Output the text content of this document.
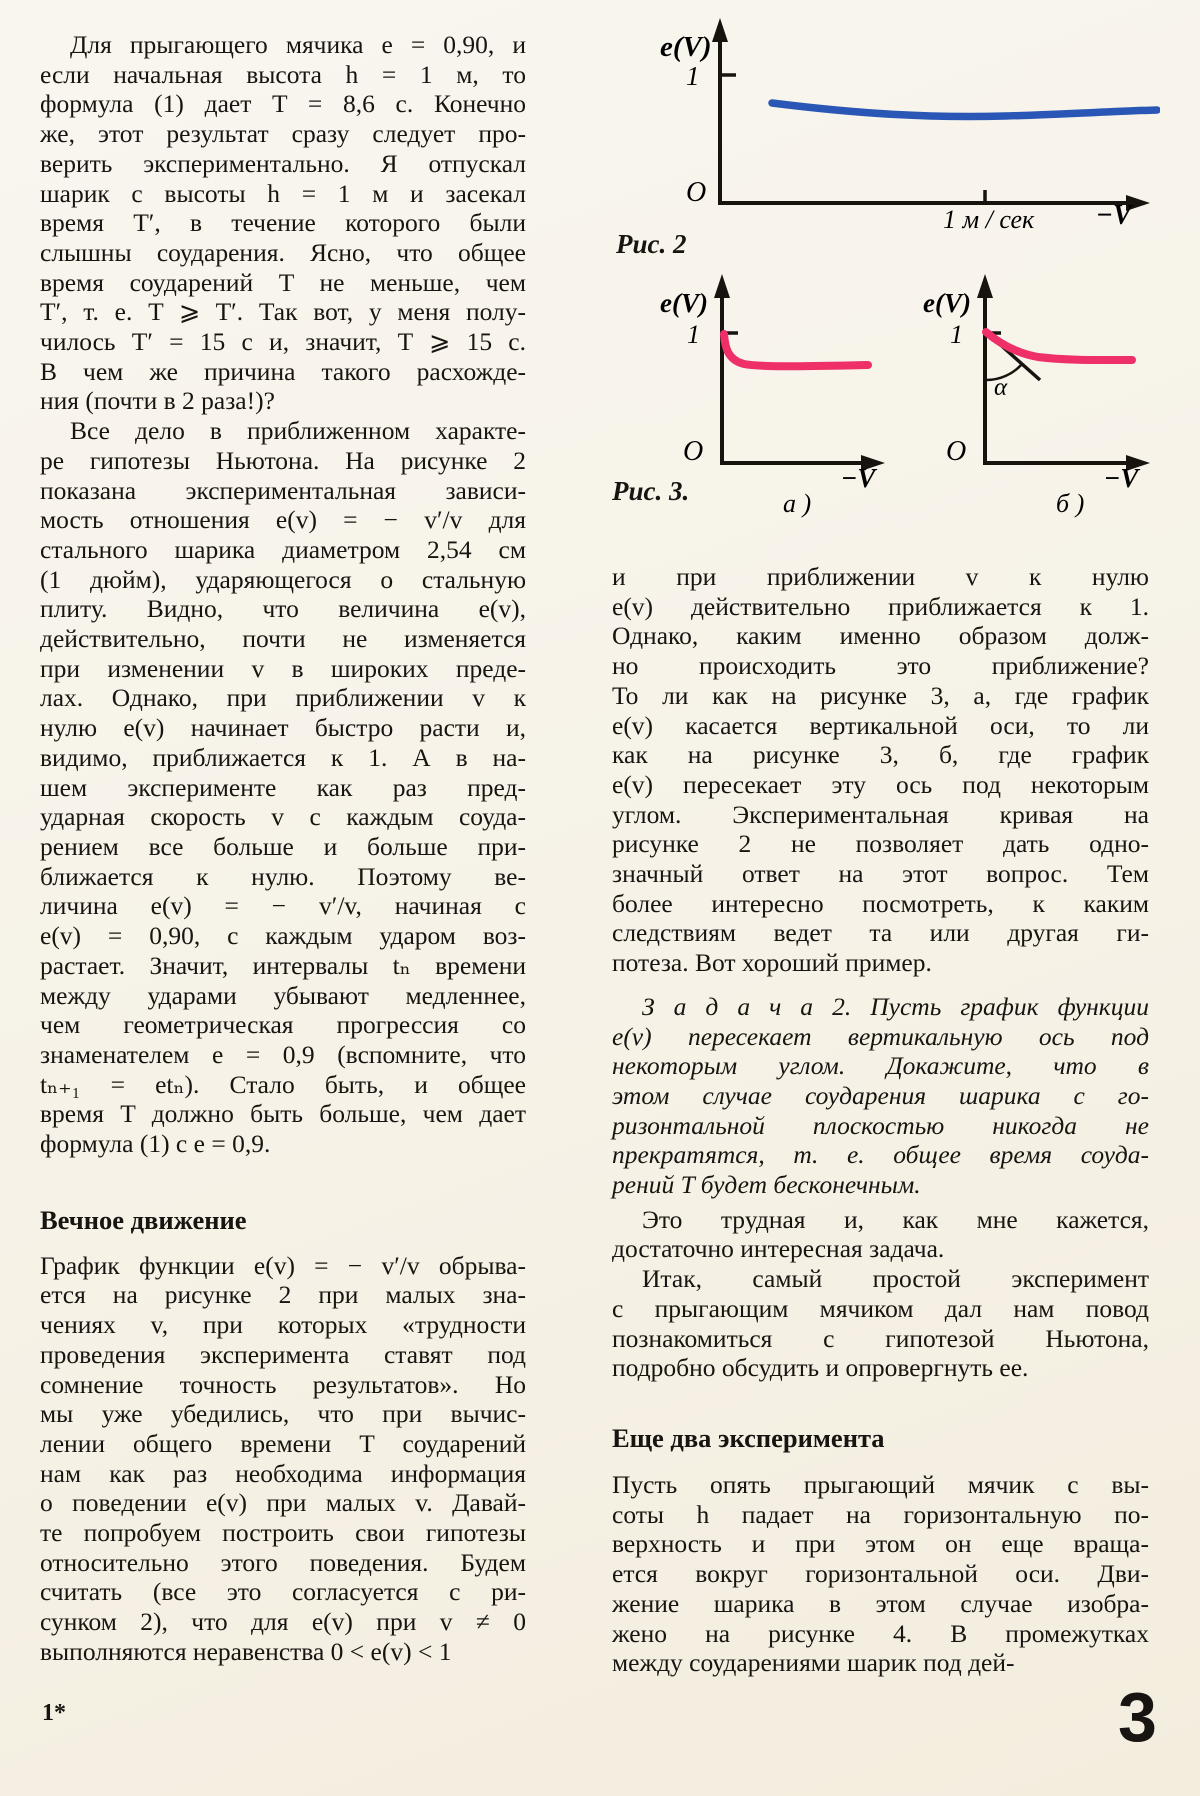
e(V)
1
O
1 м / сек −V
Рис. 2
e(V)
1
O
−V
а )
e(V)
1
O
α
−V
б )
Рис. 3.
Для прыгающего мячика e = 0,90, и
если начальная высота h = 1 м, то
формула (1) дает T = 8,6 с. Конечно
же, этот результат сразу следует про-
верить экспериментально. Я отпускал
шарик с высоты h = 1 м и засекал
время T′, в течение которого были
слышны соударения. Ясно, что общее
время соударений T не меньше, чем
T′, т. е. T ⩾ T′. Так вот, у меня полу-
чилось T′ = 15 с и, значит, T ⩾ 15 с.
В чем же причина такого расхожде-
ния (почти в 2 раза!)?
Все дело в приближенном характе-
ре гипотезы Ньютона. На рисунке 2
показана экспериментальная зависи-
мость отношения e(v) = − v′/v для
стального шарика диаметром 2,54 см
(1 дюйм), ударяющегося о стальную
плиту. Видно, что величина e(v),
действительно, почти не изменяется
при изменении v в широких преде-
лах. Однако, при приближении v к
нулю e(v) начинает быстро расти и,
видимо, приближается к 1. А в на-
шем эксперименте как раз пред-
ударная скорость v с каждым соуда-
рением все больше и больше при-
ближается к нулю. Поэтому ве-
личина e(v) = − v′/v, начиная с
e(v) = 0,90, с каждым ударом воз-
растает. Значит, интервалы tₙ времени
между ударами убывают медленнее,
чем геометрическая прогрессия со
знаменателем e = 0,9 (вспомните, что
tₙ₊₁ = etₙ). Стало быть, и общее
время T должно быть больше, чем дает
формула (1) с e = 0,9.
Вечное движение
График функции e(v) = − v′/v обрыва-
ется на рисунке 2 при малых зна-
чениях v, при которых «трудности
проведения эксперимента ставят под
сомнение точность результатов». Но
мы уже убедились, что при вычис-
лении общего времени T соударений
нам как раз необходима информация
о поведении e(v) при малых v. Давай-
те попробуем построить свои гипотезы
относительно этого поведения. Будем
считать (все это согласуется с ри-
сунком 2), что для e(v) при v ≠ 0
выполняются неравенства 0 < e(v) < 1
и при приближении v к нулю
e(v) действительно приближается к 1.
Однако, каким именно образом долж-
но происходить это приближение?
То ли как на рисунке 3, а, где график
e(v) касается вертикальной оси, то ли
как на рисунке 3, б, где график
e(v) пересекает эту ось под некоторым
углом. Экспериментальная кривая на
рисунке 2 не позволяет дать одно-
значный ответ на этот вопрос. Тем
более интересно посмотреть, к каким
следствиям ведет та или другая ги-
потеза. Вот хороший пример.
З а д а ч а 2. Пусть график функции
e(v) пересекает вертикальную ось под
некоторым углом. Докажите, что в
этом случае соударения шарика с го-
ризонтальной плоскостью никогда не
прекратятся, т. е. общее время соуда-
рений T будет бесконечным.
Это трудная и, как мне кажется,
достаточно интересная задача.
Итак, самый простой эксперимент
с прыгающим мячиком дал нам повод
познакомиться с гипотезой Ньютона,
подробно обсудить и опровергнуть ее.
Еще два эксперимента
Пусть опять прыгающий мячик с вы-
соты h падает на горизонтальную по-
верхность и при этом он еще враща-
ется вокруг горизонтальной оси. Дви-
жение шарика в этом случае изобра-
жено на рисунке 4. В промежутках
между соударениями шарик под дей-
1*	3
